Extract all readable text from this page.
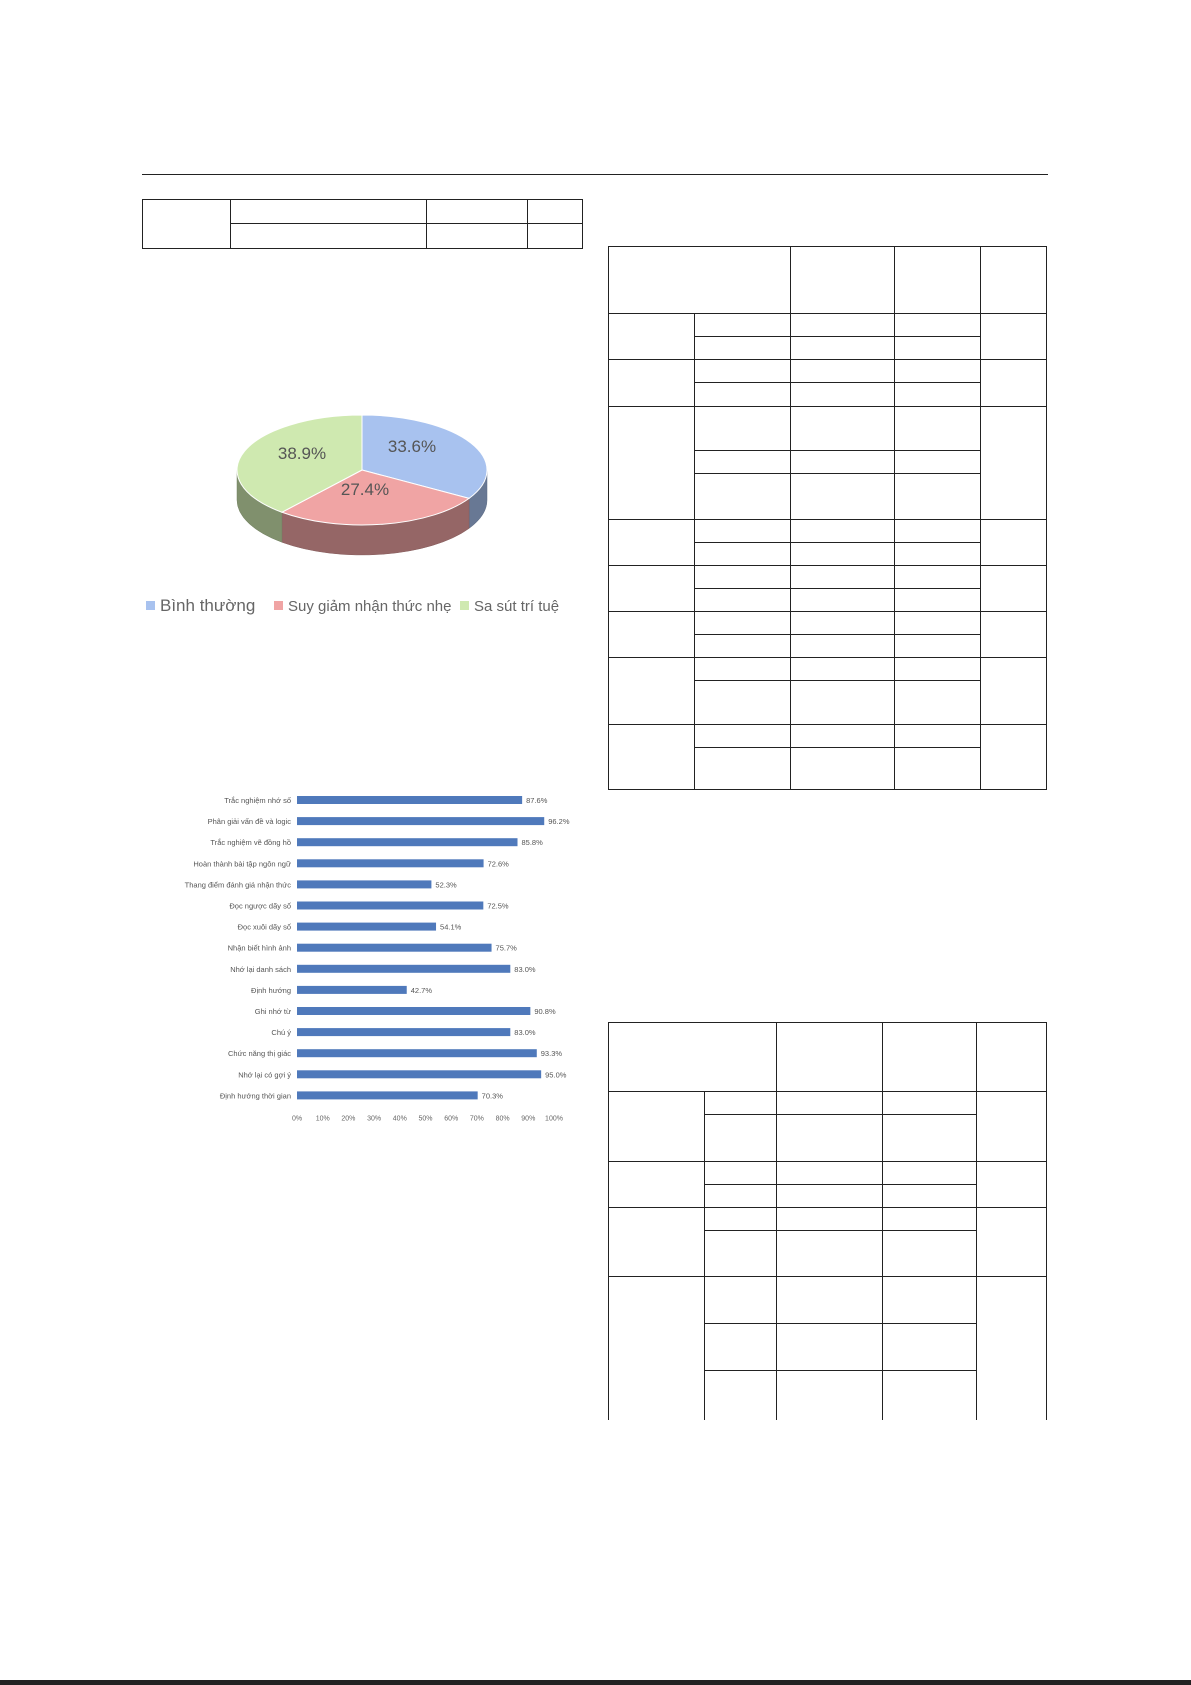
33.6%
27.4%
38.9%
Bình thường Suy giảm nhận thức nhẹ Sa sút trí tuệ
Trắc nghiệm nhớ số	87.6%
Phân giải vấn đề và logic	96.2%
Trắc nghiệm vẽ đồng hồ	85.8%
Hoàn thành bài tập ngôn ngữ	72.6%
Thang điểm đánh giá nhận thức	52.3%
Đọc ngược dãy số	72.5%
Đọc xuôi dãy số	54.1%
Nhận biết hình ảnh	75.7%
Nhớ lại danh sách	83.0%
Định hướng	42.7%
Ghi nhớ từ	90.8%
Chú ý	83.0%
Chức năng thị giác	93.3%
Nhớ lại có gợi ý	95.0%
Định hướng thời gian	70.3%
0% 10% 20% 30% 40% 50% 60% 70% 80% 90% 100%
